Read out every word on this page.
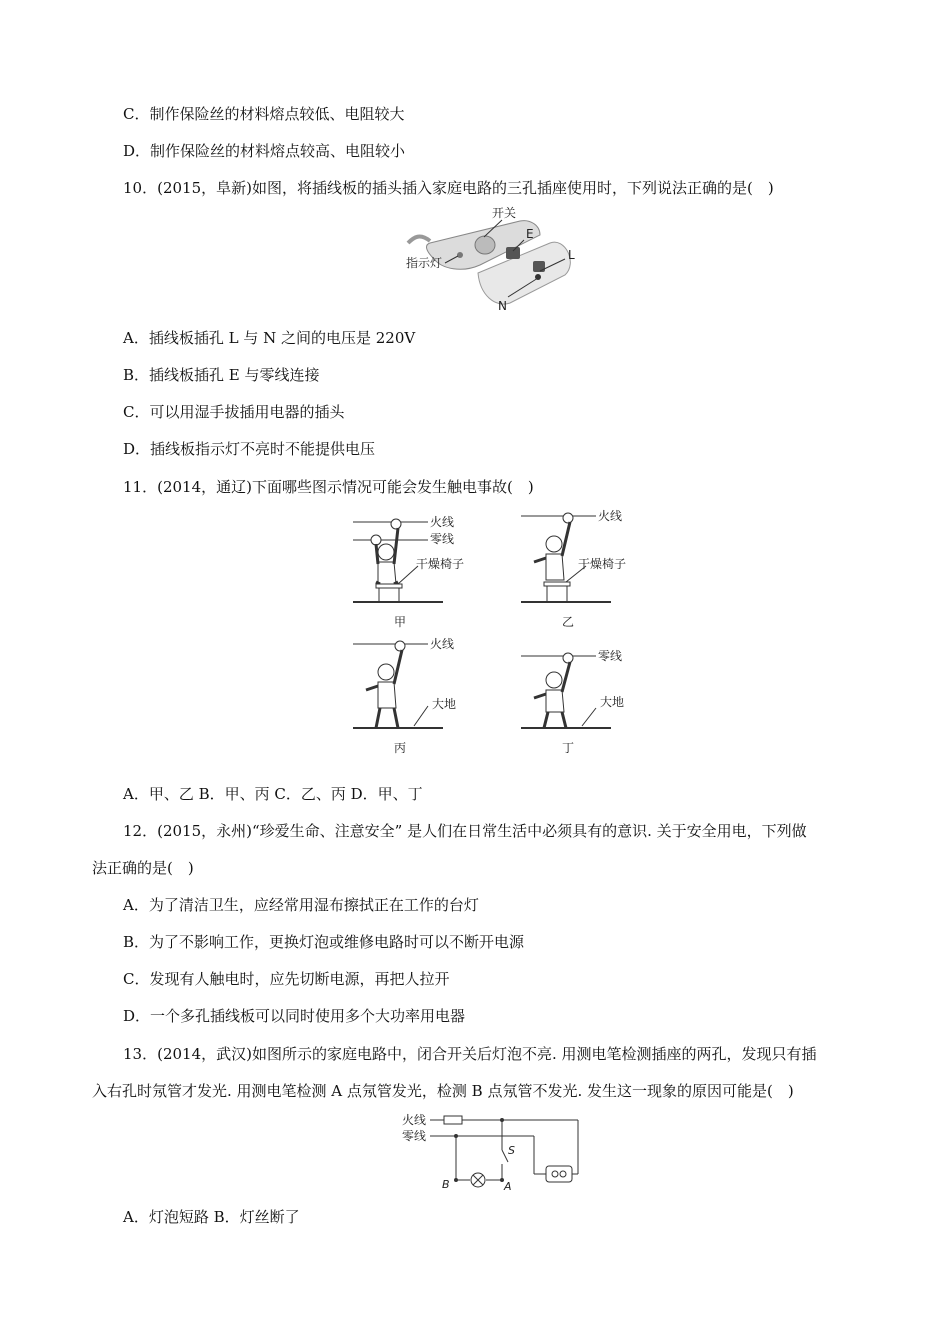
C．制作保险丝的材料熔点较低、电阻较大
D．制作保险丝的材料熔点较高、电阻较小
10．(2015，阜新)如图，将插线板的插头插入家庭电路的三孔插座使用时，下列说法正确的是(　)
开关
指示灯
E
L
N
A．插线板插孔 L 与 N 之间的电压是 220V
B．插线板插孔 E 与零线连接
C．可以用湿手拔插用电器的插头
D．插线板指示灯不亮时不能提供电压
11．(2014，通辽)下面哪些图示情况可能会发生触电事故(　)
火线
零线
干燥椅子
甲
火线
干燥椅子
乙
火线
大地
丙
零线
大地
丁
A．甲、乙 B．甲、丙 C．乙、丙 D．甲、丁
12．(2015，永州)“珍爱生命、注意安全” 是人们在日常生活中必须具有的意识. 关于安全用电，下列做
法正确的是(　)
A．为了清洁卫生，应经常用湿布擦拭正在工作的台灯
B．为了不影响工作，更换灯泡或维修电路时可以不断开电源
C．发现有人触电时，应先切断电源，再把人拉开
D．一个多孔插线板可以同时使用多个大功率用电器
13．(2014，武汉)如图所示的家庭电路中，闭合开关后灯泡不亮. 用测电笔检测插座的两孔，发现只有插
入右孔时氖管才发光. 用测电笔检测 A 点氖管发光，检测 B 点氖管不发光. 发生这一现象的原因可能是(　)
火线
零线
S
B	A
A．灯泡短路 B．灯丝断了
